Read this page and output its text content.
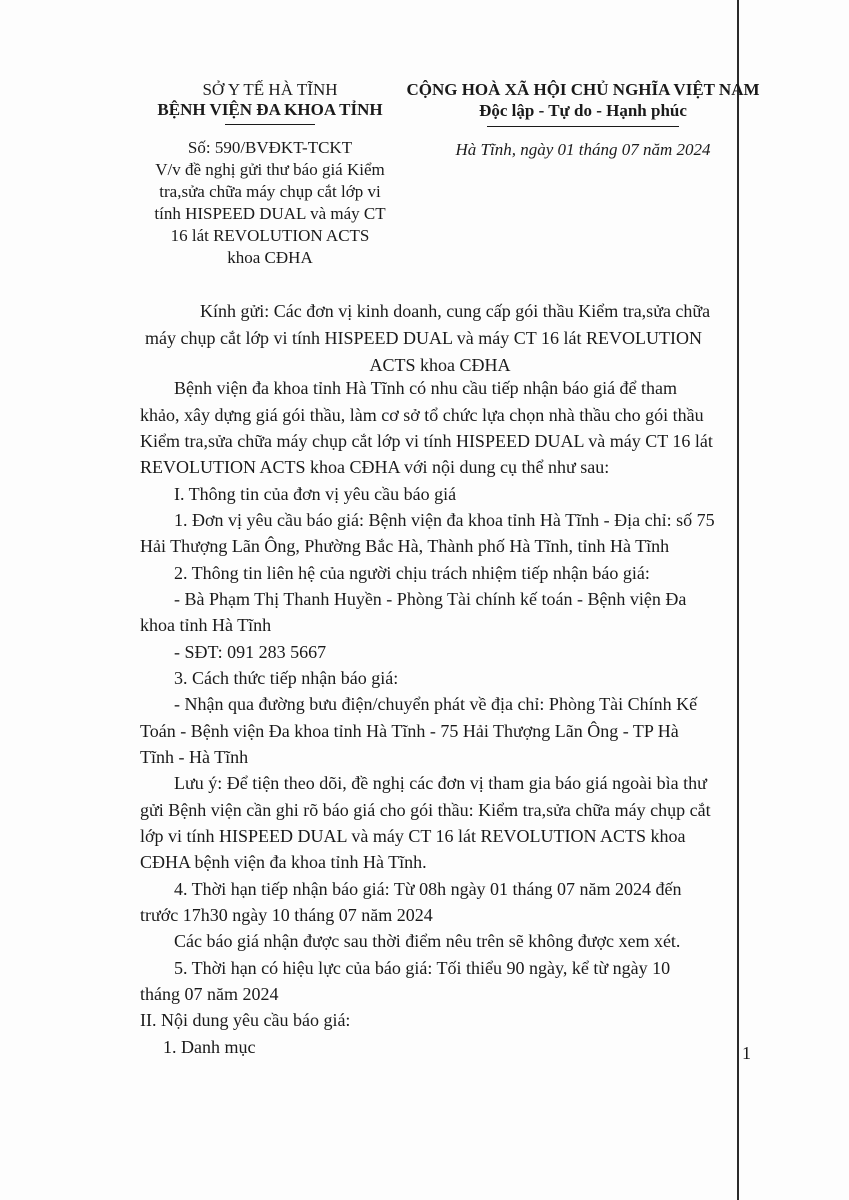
SỞ Y TẾ HÀ TĨNH
BỆNH VIỆN ĐA KHOA TỈNH
Số: 590/BVĐKT-TCKT
V/v đề nghị gửi thư báo giá Kiểm
tra,sửa chữa máy chụp cắt lớp vi
tính HISPEED DUAL và máy CT
16 lát REVOLUTION ACTS
khoa CĐHA
CỘNG HOÀ XÃ HỘI CHỦ NGHĨA VIỆT NAM
Độc lập - Tự do - Hạnh phúc
Hà Tĩnh, ngày 01 tháng 07 năm 2024
Kính gửi: Các đơn vị kinh doanh, cung cấp gói thầu Kiểm tra,sửa chữa
máy chụp cắt lớp vi tính HISPEED DUAL và máy CT 16 lát REVOLUTION
ACTS khoa CĐHA
Bệnh viện đa khoa tỉnh Hà Tĩnh có nhu cầu tiếp nhận báo giá để tham
khảo, xây dựng giá gói thầu, làm cơ sở tổ chức lựa chọn nhà thầu cho gói thầu
Kiểm tra,sửa chữa máy chụp cắt lớp vi tính HISPEED DUAL và máy CT 16 lát
REVOLUTION ACTS khoa CĐHA với nội dung cụ thể như sau:
I. Thông tin của đơn vị yêu cầu báo giá
1. Đơn vị yêu cầu báo giá: Bệnh viện đa khoa tỉnh Hà Tĩnh - Địa chỉ: số 75
Hải Thượng Lãn Ông, Phường Bắc Hà, Thành phố Hà Tĩnh, tỉnh Hà Tĩnh
2. Thông tin liên hệ của người chịu trách nhiệm tiếp nhận báo giá:
- Bà Phạm Thị Thanh Huyền - Phòng Tài chính kế toán - Bệnh viện Đa
khoa tỉnh Hà Tĩnh
- SĐT: 091 283 5667
3. Cách thức tiếp nhận báo giá:
- Nhận qua đường bưu điện/chuyển phát về địa chỉ: Phòng Tài Chính Kế
Toán - Bệnh viện Đa khoa tỉnh Hà Tĩnh - 75 Hải Thượng Lãn Ông - TP Hà
Tĩnh - Hà Tĩnh
Lưu ý: Để tiện theo dõi, đề nghị các đơn vị tham gia báo giá ngoài bìa thư
gửi Bệnh viện cần ghi rõ báo giá cho gói thầu: Kiểm tra,sửa chữa máy chụp cắt
lớp vi tính HISPEED DUAL và máy CT 16 lát REVOLUTION ACTS khoa
CĐHA bệnh viện đa khoa tỉnh Hà Tĩnh.
4. Thời hạn tiếp nhận báo giá: Từ 08h ngày 01 tháng 07 năm 2024 đến
trước 17h30 ngày 10 tháng 07 năm 2024
Các báo giá nhận được sau thời điểm nêu trên sẽ không được xem xét.
5. Thời hạn có hiệu lực của báo giá: Tối thiểu 90 ngày, kể từ ngày 10
tháng 07 năm 2024
II. Nội dung yêu cầu báo giá:
1. Danh mục	1
